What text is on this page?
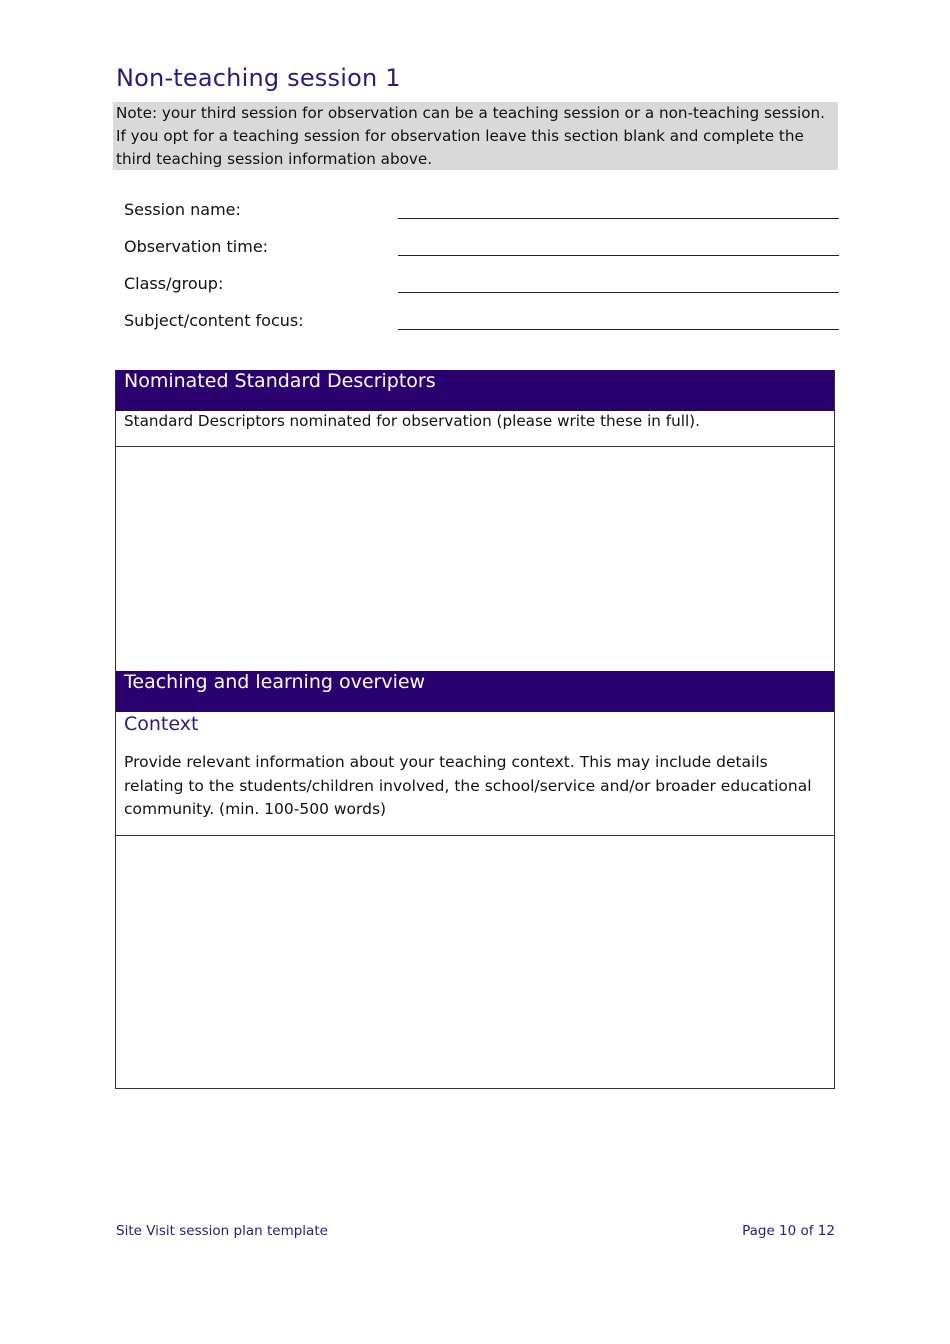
Non-teaching session 1
Note: your third session for observation can be a teaching session or a non-teaching session. If you opt for a teaching session for observation leave this section blank and complete the third teaching session information above.
Session name:
Observation time:
Class/group:
Subject/content focus:
Nominated Standard Descriptors
Standard Descriptors nominated for observation (please write these in full).
Teaching and learning overview

Context

Provide relevant information about your teaching context. This may include details relating to the students/children involved, the school/service and/or broader educational community. (min. 100-500 words)

Site Visit session plan template	Page 10 of 12
